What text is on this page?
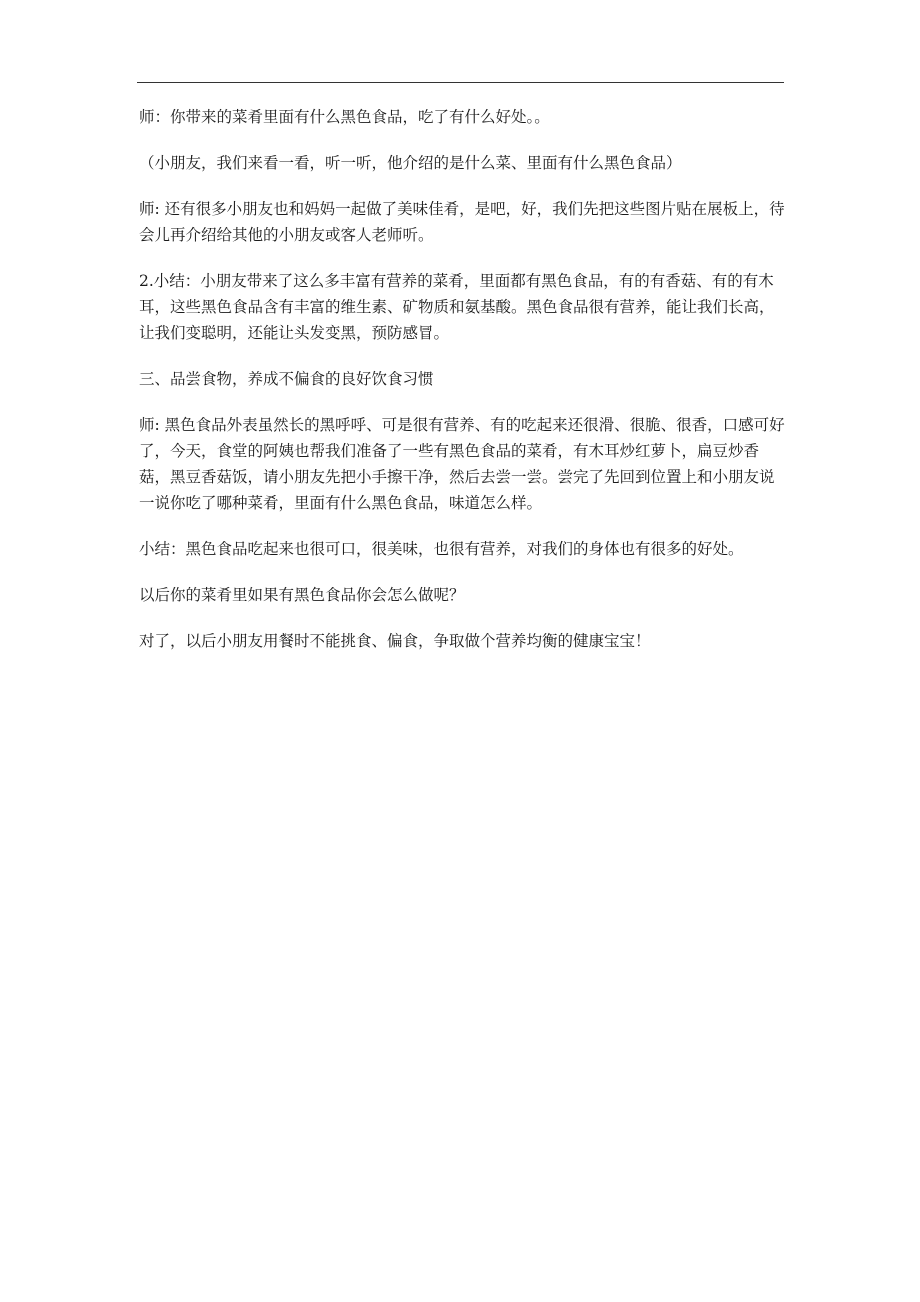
师：你带来的菜肴里面有什么黑色食品，吃了有什么好处。。

（小朋友，我们来看一看，听一听，他介绍的是什么菜、里面有什么黑色食品）

师: 还有很多小朋友也和妈妈一起做了美味佳肴，是吧，好，我们先把这些图片贴在展板上，待会儿再介绍给其他的小朋友或客人老师听。

2.小结：小朋友带来了这么多丰富有营养的菜肴，里面都有黑色食品，有的有香菇、有的有木耳，这些黑色食品含有丰富的维生素、矿物质和氨基酸。黑色食品很有营养，能让我们长高，让我们变聪明，还能让头发变黑，预防感冒。

三、品尝食物，养成不偏食的良好饮食习惯

师: 黑色食品外表虽然长的黑呼呼、可是很有营养、有的吃起来还很滑、很脆、很香，口感可好了，今天，食堂的阿姨也帮我们准备了一些有黑色食品的菜肴，有木耳炒红萝卜，扁豆炒香菇，黑豆香菇饭，请小朋友先把小手擦干净，然后去尝一尝。尝完了先回到位置上和小朋友说一说你吃了哪种菜肴，里面有什么黑色食品，味道怎么样。

小结：黑色食品吃起来也很可口，很美味，也很有营养，对我们的身体也有很多的好处。

以后你的菜肴里如果有黑色食品你会怎么做呢？

对了，以后小朋友用餐时不能挑食、偏食，争取做个营养均衡的健康宝宝！
